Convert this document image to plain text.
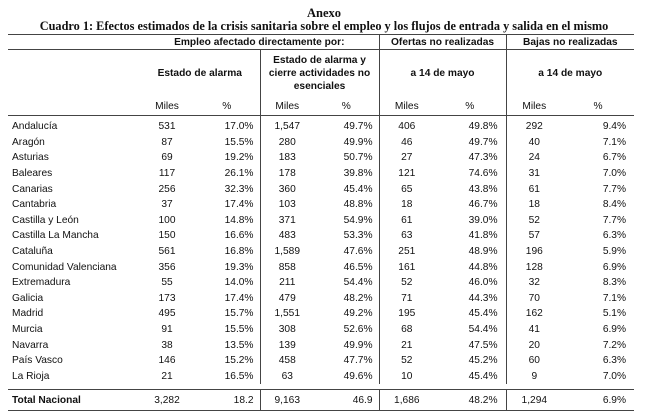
Anexo
Cuadro 1: Efectos estimados de la crisis sanitaria sobre el empleo y los flujos de entrada y salida en el mismo
	Empleo afectado directamente por:				Ofertas no realizadas		Bajas no realizadas	
	Estado de alarma		Estado de alarma y cierre actividades no esenciales		a 14 de mayo		a 14 de mayo	
	Miles	%	Miles	%	Miles	%	Miles	%
Andalucía	531	17.0%	1,547	49.7%	406	49.8%	292	9.4%
Aragón	87	15.5%	280	49.9%	46	49.7%	40	7.1%
Asturias	69	19.2%	183	50.7%	27	47.3%	24	6.7%
Baleares	117	26.1%	178	39.8%	121	74.6%	31	7.0%
Canarias	256	32.3%	360	45.4%	65	43.8%	61	7.7%
Cantabria	37	17.4%	103	48.8%	18	46.7%	18	8.4%
Castilla y León	100	14.8%	371	54.9%	61	39.0%	52	7.7%
Castilla La Mancha	150	16.6%	483	53.3%	63	41.8%	57	6.3%
Cataluña	561	16.8%	1,589	47.6%	251	48.9%	196	5.9%
Comunidad Valenciana	356	19.3%	858	46.5%	161	44.8%	128	6.9%
Extremadura	55	14.0%	211	54.4%	52	46.0%	32	8.3%
Galicia	173	17.4%	479	48.2%	71	44.3%	70	7.1%
Madrid	495	15.7%	1,551	49.2%	195	45.4%	162	5.1%
Murcia	91	15.5%	308	52.6%	68	54.4%	41	6.9%
Navarra	38	13.5%	139	49.9%	21	47.5%	20	7.2%
País Vasco	146	15.2%	458	47.7%	52	45.2%	60	6.3%
La Rioja	21	16.5%	63	49.6%	10	45.4%	9	7.0%

Total Nacional	3,282	18.2	9,163	46.9	1,686	48.2%	1,294	6.9%
